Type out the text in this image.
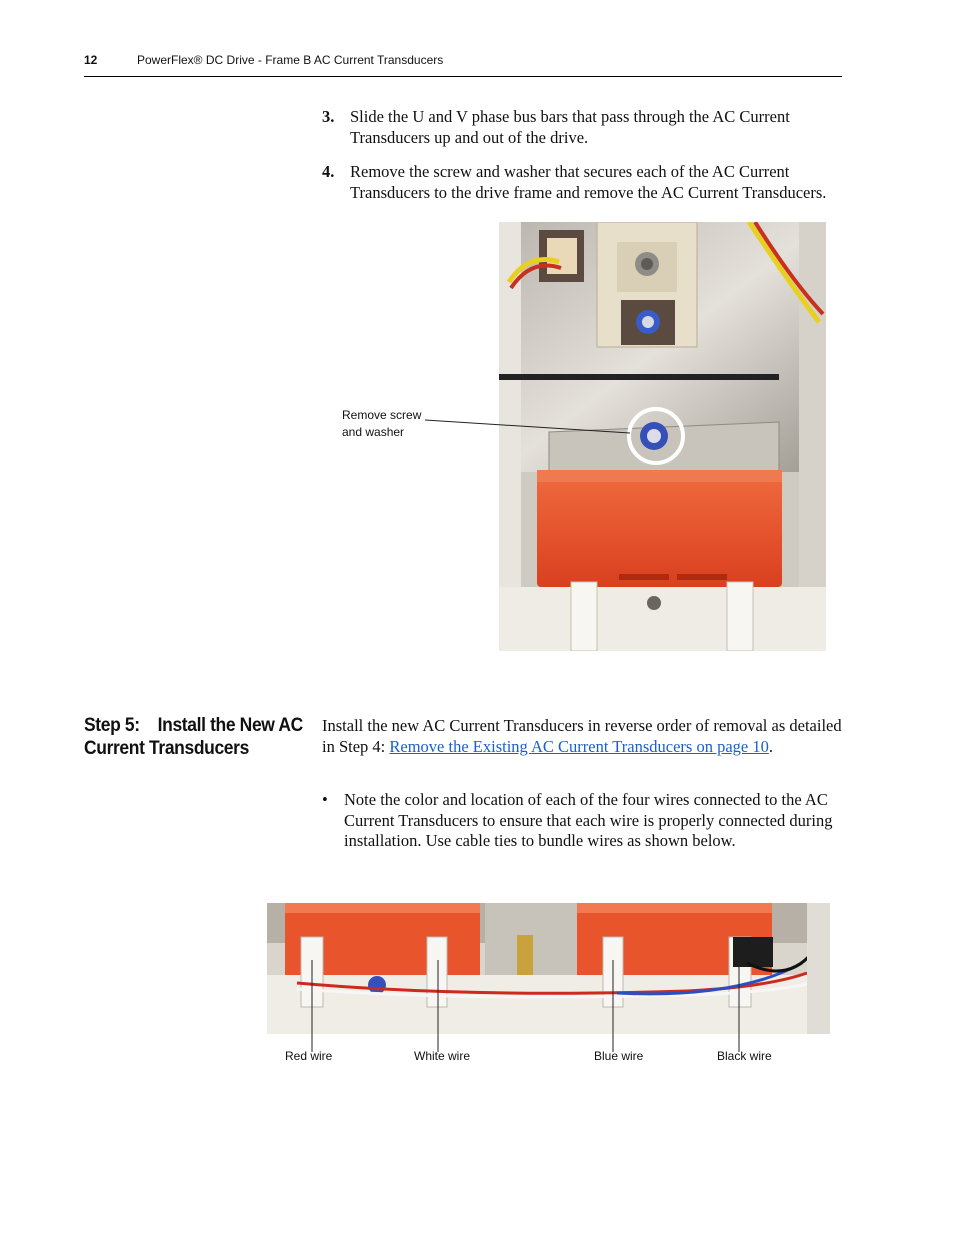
12	PowerFlex® DC Drive - Frame B AC Current Transducers
3. Slide the U and V phase bus bars that pass through the AC Current Transducers up and out of the drive.
4. Remove the screw and washer that secures each of the AC Current Transducers to the drive frame and remove the AC Current Transducers.
Remove screw
and washer
Step 5:    Install the New AC
Current Transducers
Install the new AC Current Transducers in reverse order of removal as detailed in Step 4: Remove the Existing AC Current Transducers on page 10.
• Note the color and location of each of the four wires connected to the AC Current Transducers to ensure that each wire is properly connected during installation. Use cable ties to bundle wires as shown below.
Red wire	White wire	Blue wire	Black wire
